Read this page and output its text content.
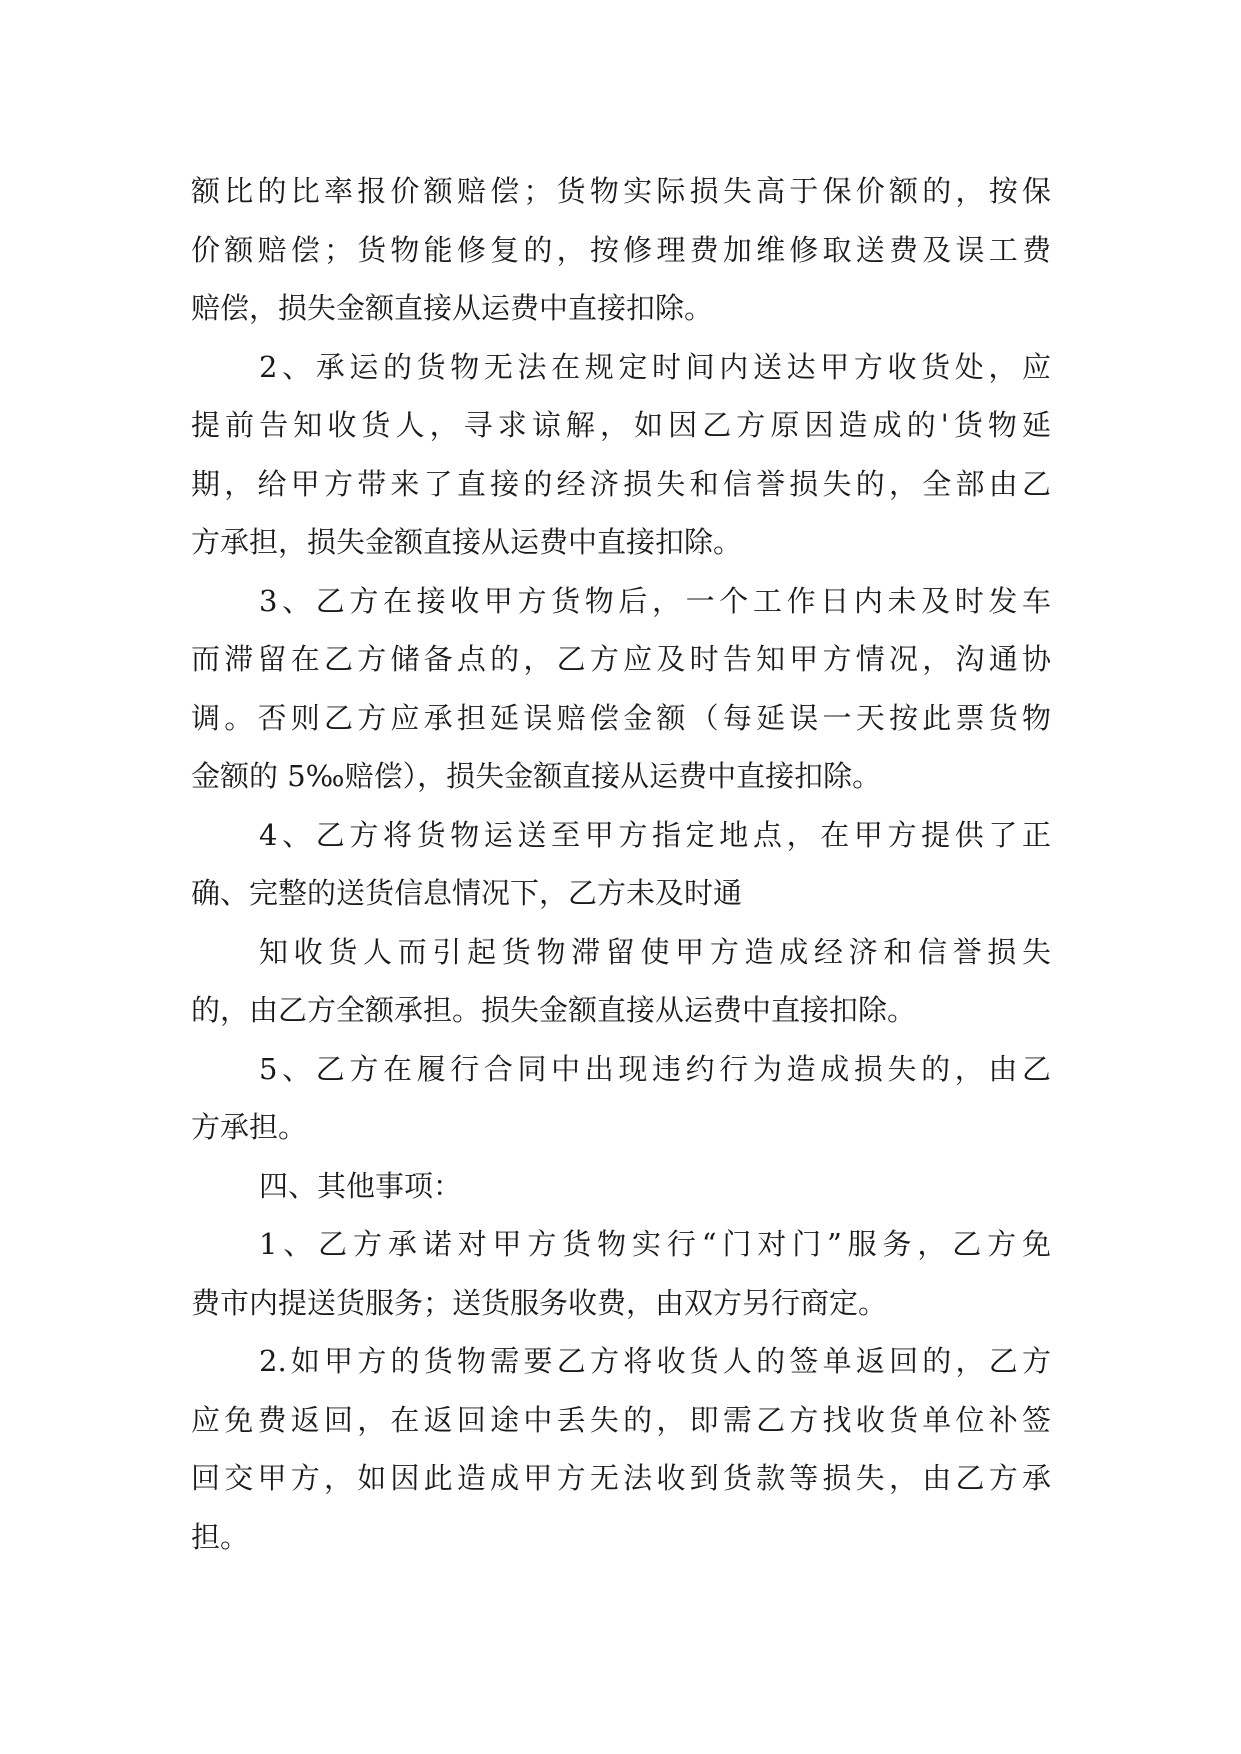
额比的比率报价额赔偿；货物实际损失高于保价额的，按保
价额赔偿；货物能修复的，按修理费加维修取送费及误工费
赔偿，损失金额直接从运费中直接扣除。
2、承运的货物无法在规定时间内送达甲方收货处，应
提前告知收货人，寻求谅解，如因乙方原因造成的'货物延
期，给甲方带来了直接的经济损失和信誉损失的，全部由乙
方承担，损失金额直接从运费中直接扣除。
3、乙方在接收甲方货物后，一个工作日内未及时发车
而滞留在乙方储备点的，乙方应及时告知甲方情况，沟通协
调。否则乙方应承担延误赔偿金额（每延误一天按此票货物
金额的 5‰赔偿），损失金额直接从运费中直接扣除。
4、乙方将货物运送至甲方指定地点，在甲方提供了正
确、完整的送货信息情况下，乙方未及时通
知收货人而引起货物滞留使甲方造成经济和信誉损失
的，由乙方全额承担。损失金额直接从运费中直接扣除。
5、乙方在履行合同中出现违约行为造成损失的，由乙
方承担。
四、其他事项：
1、乙方承诺对甲方货物实行“门对门”服务，乙方免
费市内提送货服务；送货服务收费，由双方另行商定。
2.如甲方的货物需要乙方将收货人的签单返回的，乙方
应免费返回，在返回途中丢失的，即需乙方找收货单位补签
回交甲方，如因此造成甲方无法收到货款等损失，由乙方承
担。
